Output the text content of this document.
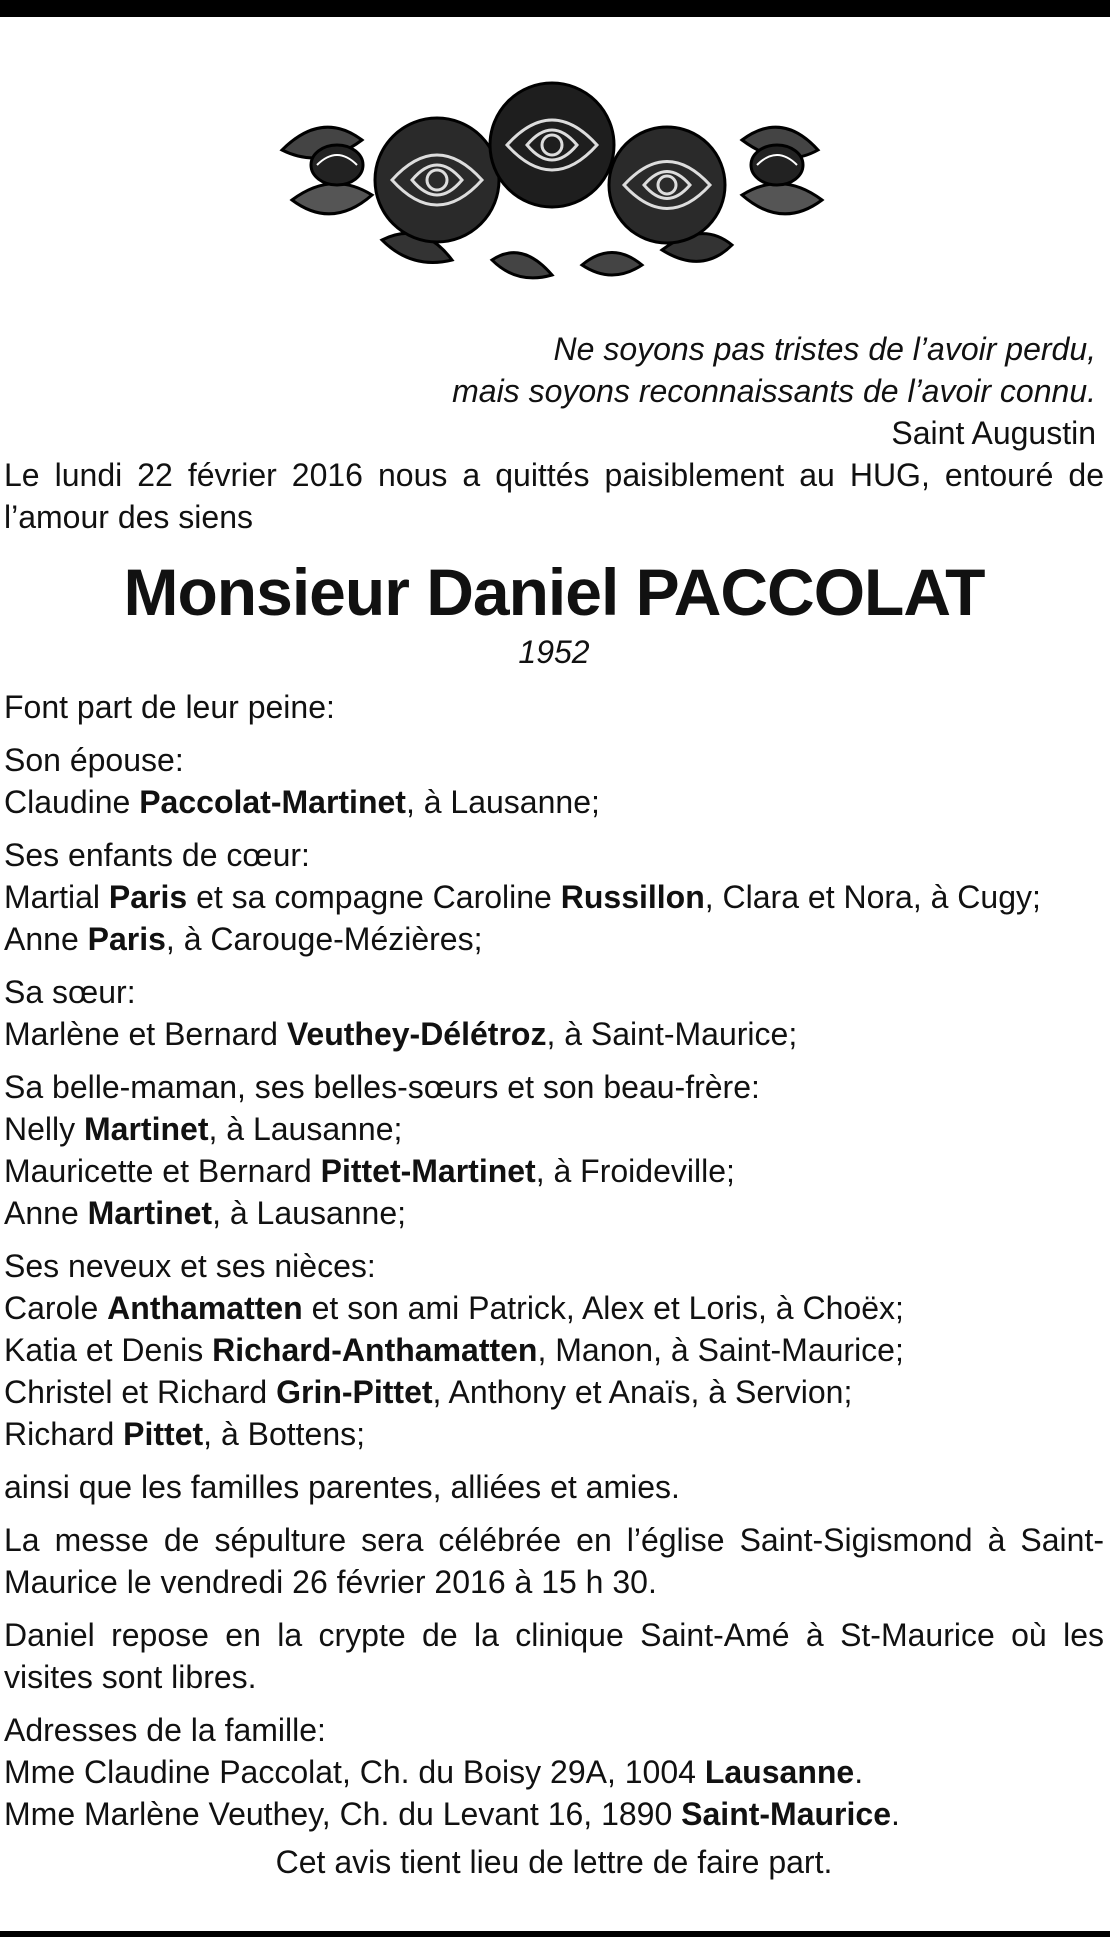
Ne soyons pas tristes de l’avoir perdu,
mais soyons reconnaissants de l’avoir connu.
Saint Augustin
Le lundi 22 février 2016 nous a quittés paisiblement au HUG, entouré de l’amour des siens
Monsieur Daniel PACCOLAT
1952
Font part de leur peine:
Son épouse:
Claudine Paccolat-Martinet, à Lausanne;
Ses enfants de cœur:
Martial Paris et sa compagne Caroline Russillon, Clara et Nora, à Cugy;
Anne Paris, à Carouge-Mézières;
Sa sœur:
Marlène et Bernard Veuthey-Délétroz, à Saint-Maurice;
Sa belle-maman, ses belles-sœurs et son beau-frère:
Nelly Martinet, à Lausanne;
Mauricette et Bernard Pittet-Martinet, à Froideville;
Anne Martinet, à Lausanne;
Ses neveux et ses nièces:
Carole Anthamatten et son ami Patrick, Alex et Loris, à Choëx;
Katia et Denis Richard-Anthamatten, Manon, à Saint-Maurice;
Christel et Richard Grin-Pittet, Anthony et Anaïs, à Servion;
Richard Pittet, à Bottens;
ainsi que les familles parentes, alliées et amies.
La messe de sépulture sera célébrée en l’église Saint-Sigismond à Saint-Maurice le vendredi 26 février 2016 à 15 h 30.
Daniel repose en la crypte de la clinique Saint-Amé à St-Maurice où les visites sont libres.
Adresses de la famille:
Mme Claudine Paccolat, Ch. du Boisy 29A, 1004 Lausanne.
Mme Marlène Veuthey, Ch. du Levant 16, 1890 Saint-Maurice.
Cet avis tient lieu de lettre de faire part.
